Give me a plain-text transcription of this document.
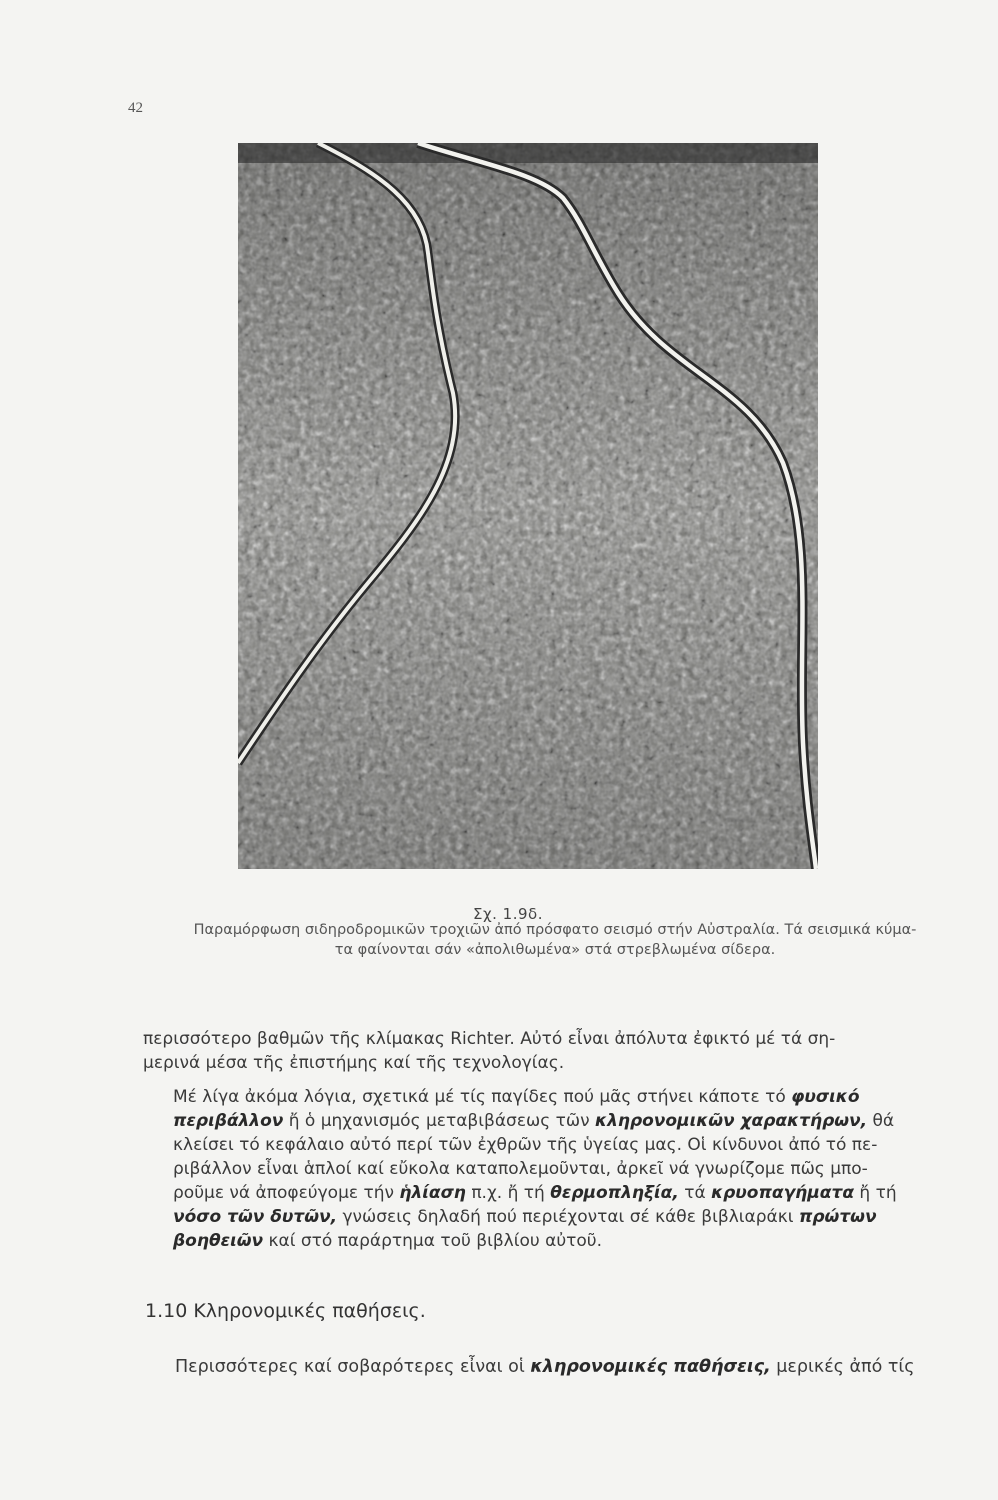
42
Σχ. 1.9δ.
Παραμόρφωση σιδηροδρομικῶν τροχιῶν ἀπό πρόσφατο σεισμό στήν Αὐστραλία. Τά σεισμικά κύμα-
τα φαίνονται σάν «ἀπολιθωμένα» στά στρεβλωμένα σίδερα.
περισσότερο βαθμῶν τῆς κλίμακας Richter. Αὐτό εἶναι ἀπόλυτα ἐφικτό μέ τά ση-
μερινά μέσα τῆς ἐπιστήμης καί τῆς τεχνολογίας.
Μέ λίγα ἀκόμα λόγια, σχετικά μέ τίς παγίδες πού μᾶς στήνει κάποτε τό φυσικό
περιβάλλον ἤ ὁ μηχανισμός μεταβιβάσεως τῶν κληρονομικῶν χαρακτήρων, θά
κλείσει τό κεφάλαιο αὐτό περί τῶν ἐχθρῶν τῆς ὑγείας μας. Οἱ κίνδυνοι ἀπό τό πε-
ριβάλλον εἶναι ἁπλοί καί εὔκολα καταπολεμοῦνται, ἀρκεῖ νά γνωρίζομε πῶς μπο-
ροῦμε νά ἀποφεύγομε τήν ἡλίαση π.χ. ἤ τή θερμοπληξία, τά κρυοπαγήματα ἤ τή
νόσο τῶν δυτῶν, γνώσεις δηλαδή πού περιέχονται σέ κάθε βιβλιαράκι πρώτων
βοηθειῶν καί στό παράρτημα τοῦ βιβλίου αὐτοῦ.
1.10 Κληρονομικές παθήσεις.
Περισσότερες καί σοβαρότερες εἶναι οἱ κληρονομικές παθήσεις, μερικές ἀπό τίς
